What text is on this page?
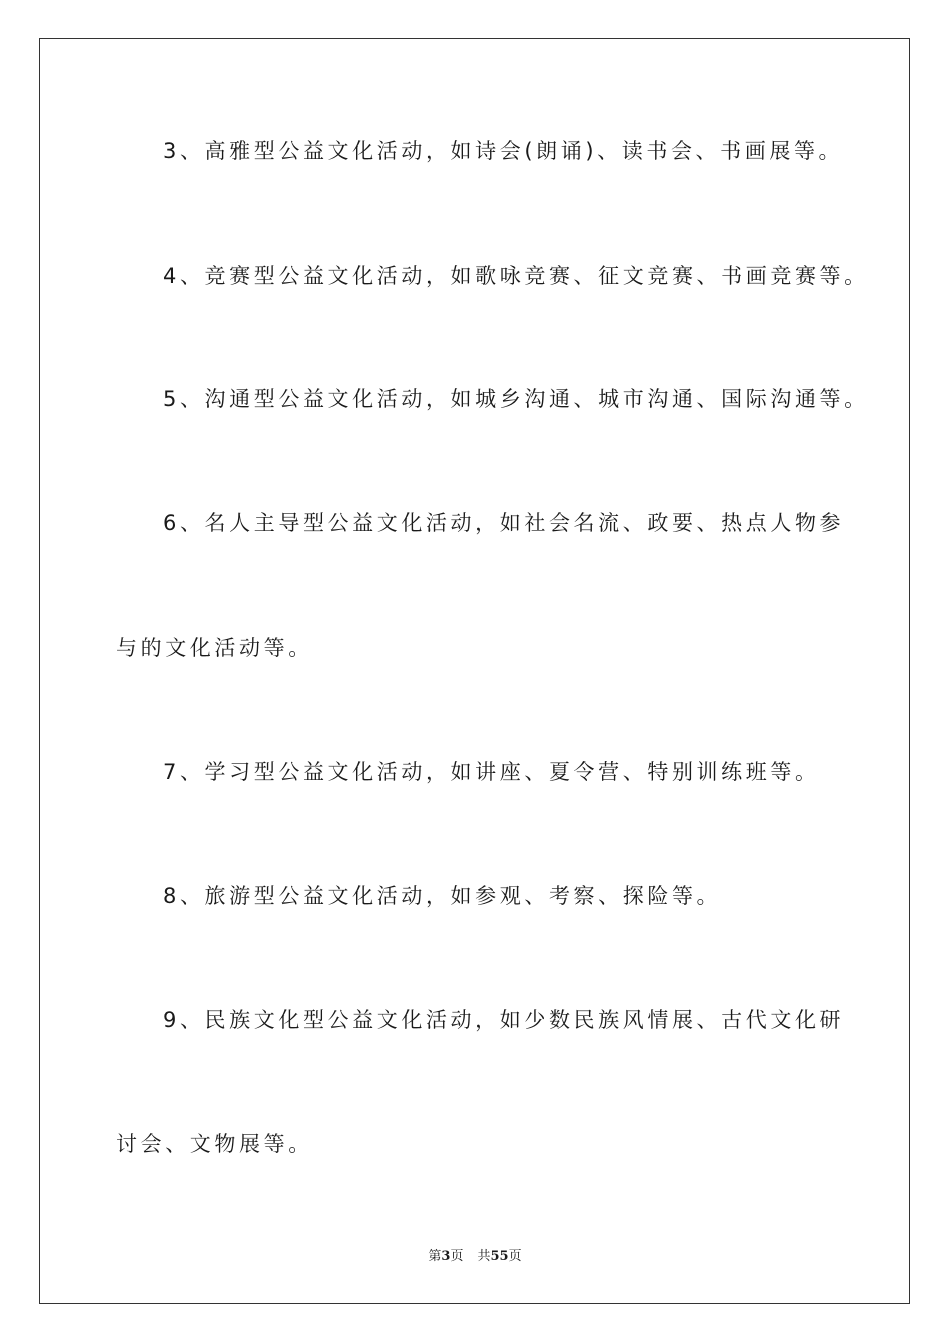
3、高雅型公益文化活动，如诗会(朗诵)、读书会、书画展等。
4、竞赛型公益文化活动，如歌咏竞赛、征文竞赛、书画竞赛等。
5、沟通型公益文化活动，如城乡沟通、城市沟通、国际沟通等。
6、名人主导型公益文化活动，如社会名流、政要、热点人物参
与的文化活动等。
7、学习型公益文化活动，如讲座、夏令营、特别训练班等。
8、旅游型公益文化活动，如参观、考察、探险等。
9、民族文化型公益文化活动，如少数民族风情展、古代文化研
讨会、文物展等。
第3页 共55页
